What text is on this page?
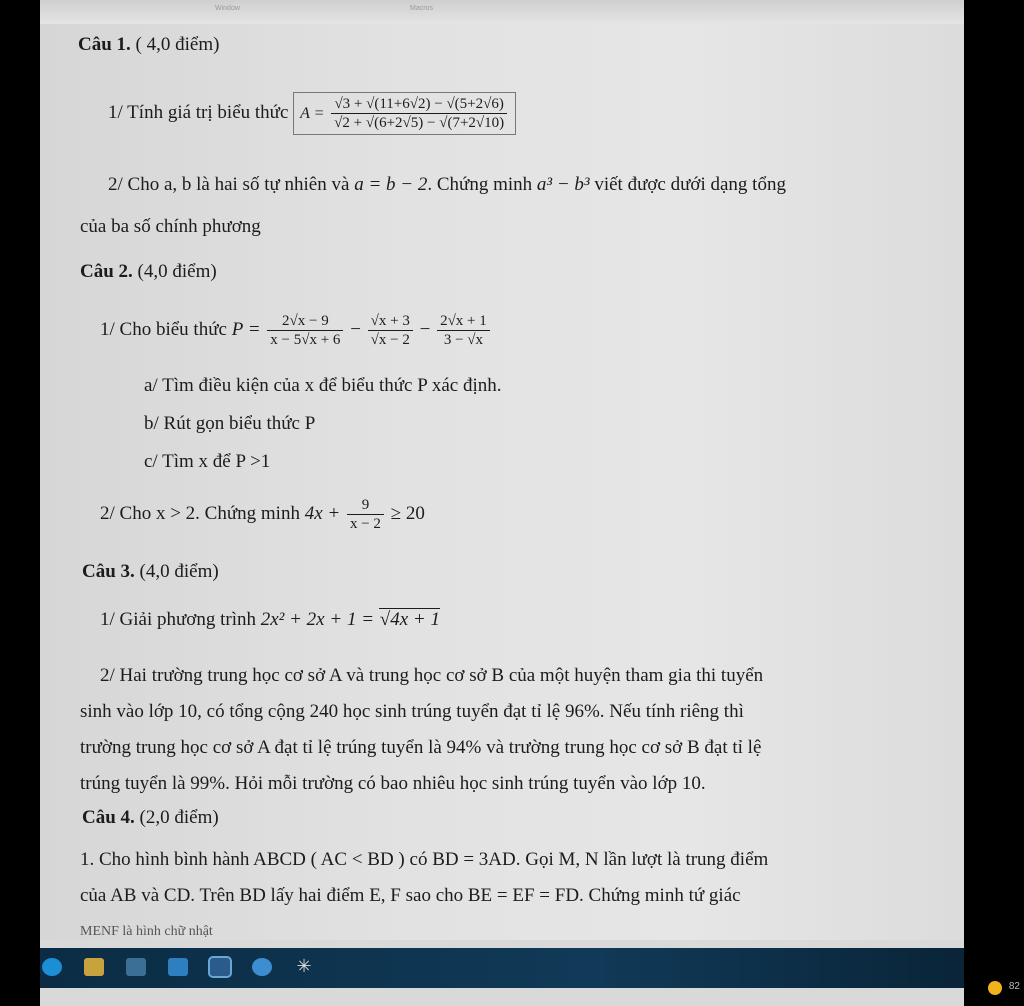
Window	Macros
Câu 1. ( 4,0 điểm)
1/ Tính giá trị biểu thức $A = \frac{√3 + √(11+6√2) - √(5+2√6)}{√2 + √(6+2√5) - √(7+2√10)}$
2/ Cho a, b là hai số tự nhiên và a = b − 2. Chứng minh a³ − b³ viết được dưới dạng tổng
của ba số chính phương
Câu 2. (4,0 điểm)
1/ Cho biểu thức $P = \frac{2√x - 9}{x - 5√x + 6} - \frac{√x + 3}{√x - 2} - \frac{2√x + 1}{3 - √x}$
a/ Tìm điều kiện của x để biểu thức P xác định.
b/ Rút gọn biểu thức P
c/ Tìm x để P >1
2/ Cho x > 2. Chứng minh $4x + \frac{9}{x - 2} \ge 20$
Câu 3. (4,0 điểm)
1/ Giải phương trình 2x² + 2x + 1 = √4x + 1
2/ Hai trường trung học cơ sở A và trung học cơ sở B của một huyện tham gia thi tuyển
sinh vào lớp 10, có tổng cộng 240 học sinh trúng tuyển đạt tỉ lệ 96%. Nếu tính riêng thì
trường trung học cơ sở A đạt tỉ lệ trúng tuyển là 94% và trường trung học cơ sở B đạt tỉ lệ
trúng tuyển là 99%. Hỏi mỗi trường có bao nhiêu học sinh trúng tuyển vào lớp 10.
Câu 4. (2,0 điểm)
1. Cho hình bình hành ABCD ( AC < BD ) có BD = 3AD. Gọi M, N lần lượt là trung điểm
của AB và CD. Trên BD lấy hai điểm E, F sao cho BE = EF = FD. Chứng minh tứ giác
MENF là hình chữ nhật
✳
82
